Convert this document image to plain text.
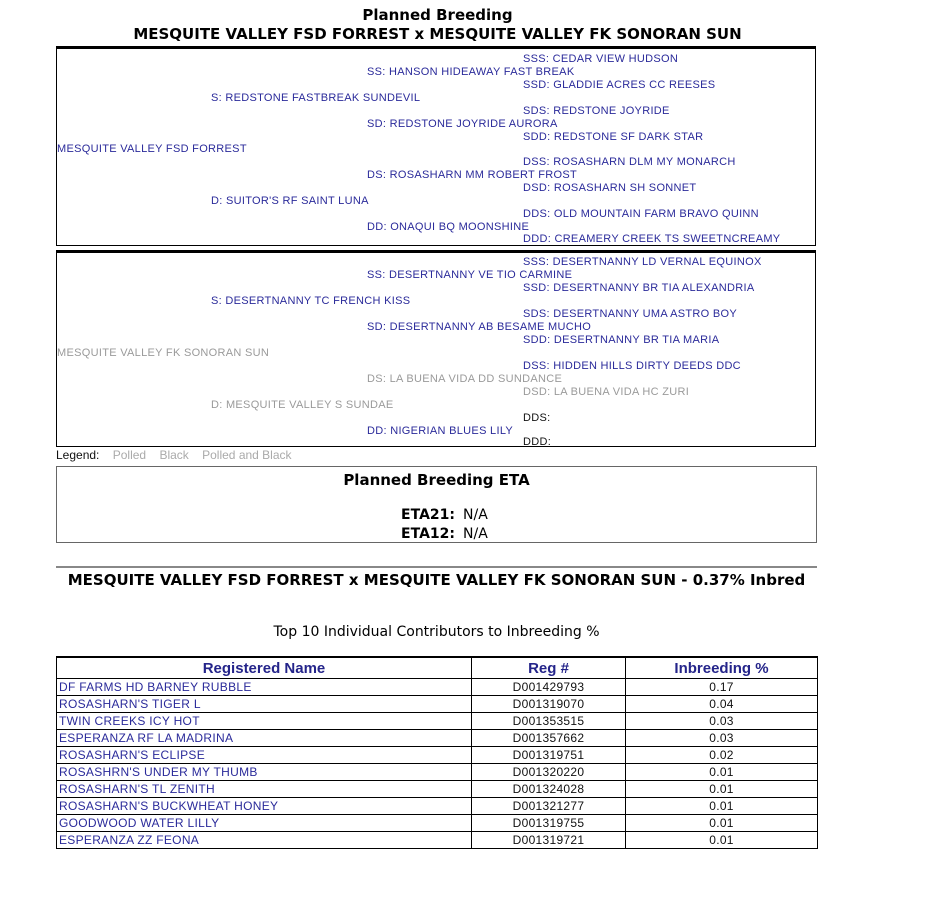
Planned Breeding
MESQUITE VALLEY FSD FORREST x MESQUITE VALLEY FK SONORAN SUN
SSS: CEDAR VIEW HUDSON
SS: HANSON HIDEAWAY FAST BREAK
SSD: GLADDIE ACRES CC REESES
S: REDSTONE FASTBREAK SUNDEVIL
SDS: REDSTONE JOYRIDE
SD: REDSTONE JOYRIDE AURORA
SDD: REDSTONE SF DARK STAR
MESQUITE VALLEY FSD FORREST
DSS: ROSASHARN DLM MY MONARCH
DS: ROSASHARN MM ROBERT FROST
DSD: ROSASHARN SH SONNET
D: SUITOR'S RF SAINT LUNA
DDS: OLD MOUNTAIN FARM BRAVO QUINN
DD: ONAQUI BQ MOONSHINE
DDD: CREAMERY CREEK TS SWEETNCREAMY
SSS: DESERTNANNY LD VERNAL EQUINOX
SS: DESERTNANNY VE TIO CARMINE
SSD: DESERTNANNY BR TIA ALEXANDRIA
S: DESERTNANNY TC FRENCH KISS
SDS: DESERTNANNY UMA ASTRO BOY
SD: DESERTNANNY AB BESAME MUCHO
SDD: DESERTNANNY BR TIA MARIA
MESQUITE VALLEY FK SONORAN SUN
DSS: HIDDEN HILLS DIRTY DEEDS DDC
DS: LA BUENA VIDA DD SUNDANCE
DSD: LA BUENA VIDA HC ZURI
D: MESQUITE VALLEY S SUNDAE
DDS:
DD: NIGERIAN BLUES LILY
DDD:
Legend: Polled Black Polled and Black
Planned Breeding ETA
ETA21: N/A
ETA12: N/A
MESQUITE VALLEY FSD FORREST x MESQUITE VALLEY FK SONORAN SUN - 0.37% Inbred
Top 10 Individual Contributors to Inbreeding %
Registered Name	Reg #	Inbreeding %
DF FARMS HD BARNEY RUBBLE	D001429793	0.17
ROSASHARN'S TIGER L	D001319070	0.04
TWIN CREEKS ICY HOT	D001353515	0.03
ESPERANZA RF LA MADRINA	D001357662	0.03
ROSASHARN'S ECLIPSE	D001319751	0.02
ROSASHRN'S UNDER MY THUMB	D001320220	0.01
ROSASHARN'S TL ZENITH	D001324028	0.01
ROSASHARN'S BUCKWHEAT HONEY	D001321277	0.01
GOODWOOD WATER LILLY	D001319755	0.01
ESPERANZA ZZ FEONA	D001319721	0.01
